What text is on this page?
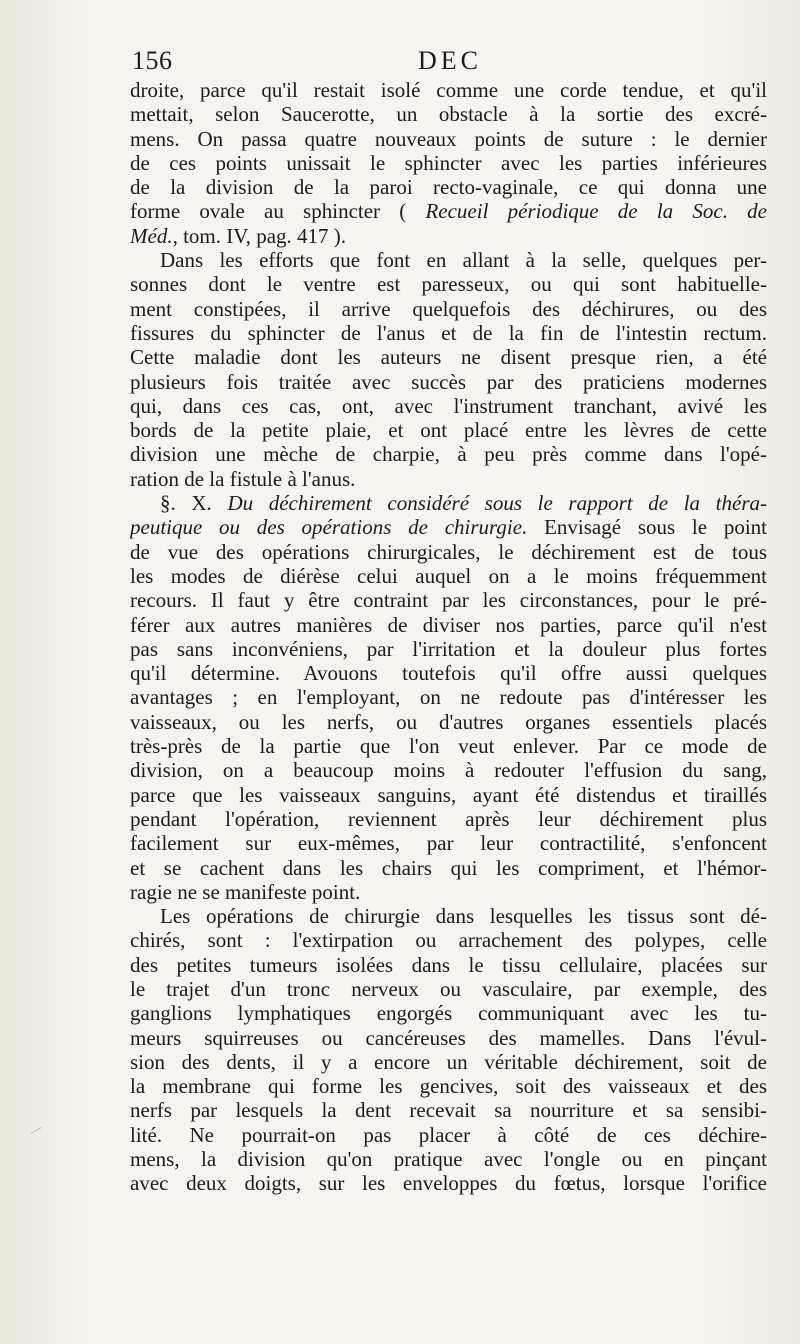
156	DEC
droite, parce qu'il restait isolé comme une corde tendue, et qu'il
mettait, selon Saucerotte, un obstacle à la sortie des excré-
mens. On passa quatre nouveaux points de suture : le dernier
de ces points unissait le sphincter avec les parties inférieures
de la division de la paroi recto-vaginale, ce qui donna une
forme ovale au sphincter ( Recueil périodique de la Soc. de
Méd., tom. IV, pag. 417 ).
Dans les efforts que font en allant à la selle, quelques per-
sonnes dont le ventre est paresseux, ou qui sont habituelle-
ment constipées, il arrive quelquefois des déchirures, ou des
fissures du sphincter de l'anus et de la fin de l'intestin rectum.
Cette maladie dont les auteurs ne disent presque rien, a été
plusieurs fois traitée avec succès par des praticiens modernes
qui, dans ces cas, ont, avec l'instrument tranchant, avivé les
bords de la petite plaie, et ont placé entre les lèvres de cette
division une mèche de charpie, à peu près comme dans l'opé-
ration de la fistule à l'anus.
§. X. Du déchirement considéré sous le rapport de la théra-
peutique ou des opérations de chirurgie. Envisagé sous le point
de vue des opérations chirurgicales, le déchirement est de tous
les modes de diérèse celui auquel on a le moins fréquemment
recours. Il faut y être contraint par les circonstances, pour le pré-
férer aux autres manières de diviser nos parties, parce qu'il n'est
pas sans inconvéniens, par l'irritation et la douleur plus fortes
qu'il détermine. Avouons toutefois qu'il offre aussi quelques
avantages ; en l'employant, on ne redoute pas d'intéresser les
vaisseaux, ou les nerfs, ou d'autres organes essentiels placés
très-près de la partie que l'on veut enlever. Par ce mode de
division, on a beaucoup moins à redouter l'effusion du sang,
parce que les vaisseaux sanguins, ayant été distendus et tiraillés
pendant l'opération, reviennent après leur déchirement plus
facilement sur eux-mêmes, par leur contractilité, s'enfoncent
et se cachent dans les chairs qui les compriment, et l'hémor-
ragie ne se manifeste point.
Les opérations de chirurgie dans lesquelles les tissus sont dé-
chirés, sont : l'extirpation ou arrachement des polypes, celle
des petites tumeurs isolées dans le tissu cellulaire, placées sur
le trajet d'un tronc nerveux ou vasculaire, par exemple, des
ganglions lymphatiques engorgés communiquant avec les tu-
meurs squirreuses ou cancéreuses des mamelles. Dans l'évul-
sion des dents, il y a encore un véritable déchirement, soit de
la membrane qui forme les gencives, soit des vaisseaux et des
nerfs par lesquels la dent recevait sa nourriture et sa sensibi-
lité. Ne pourrait-on pas placer à côté de ces déchire-
mens, la division qu'on pratique avec l'ongle ou en pinçant
avec deux doigts, sur les enveloppes du fœtus, lorsque l'orifice
